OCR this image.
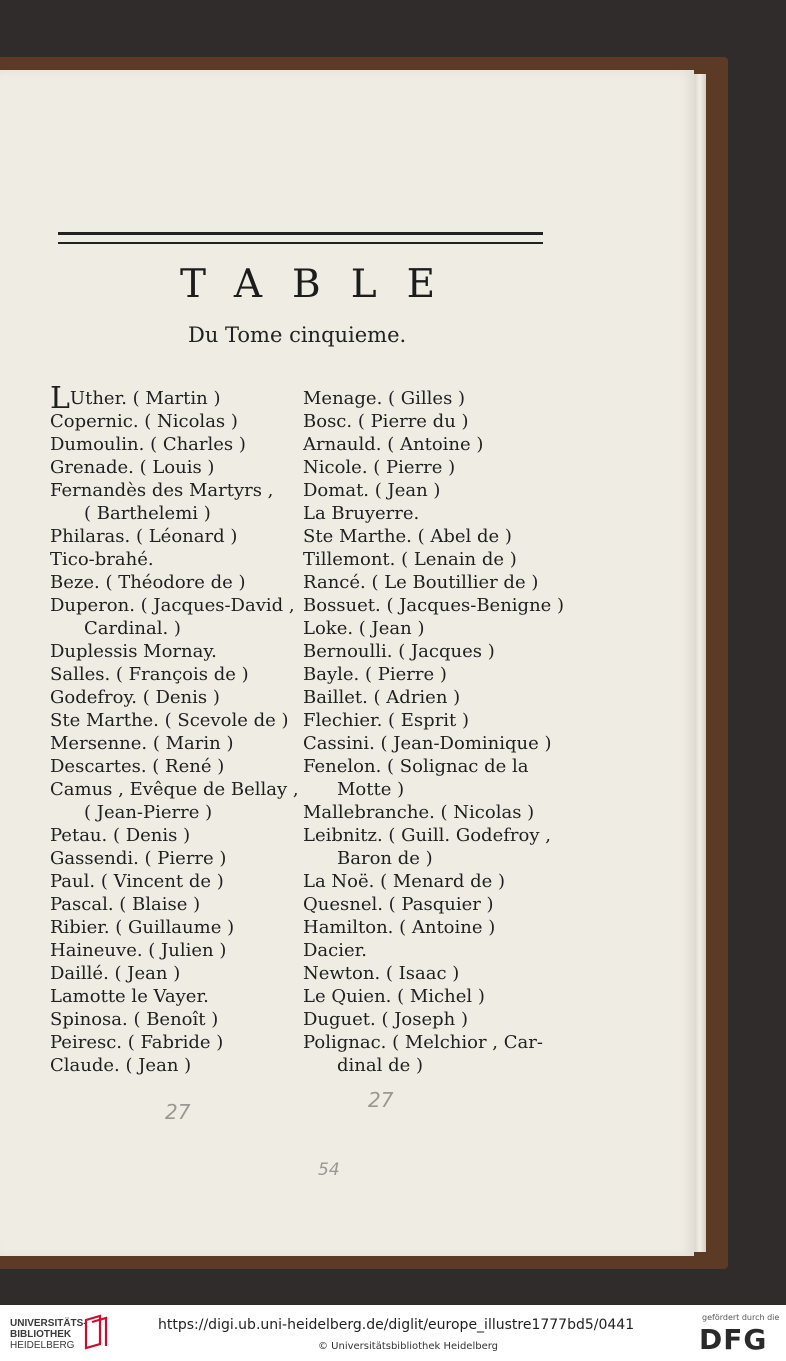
TABLE
Du Tome cinquieme.
LUther. ( Martin )
Copernic. ( Nicolas )
Dumoulin. ( Charles )
Grenade. ( Louis )
Fernandès des Martyrs ,
( Barthelemi )
Philaras. ( Léonard )
Tico-brahé.
Beze. ( Théodore de )
Duperon. ( Jacques-David ,
Cardinal. )
Duplessis Mornay.
Salles. ( François de )
Godefroy. ( Denis )
Ste Marthe. ( Scevole de )
Mersenne. ( Marin )
Descartes. ( René )
Camus , Evêque de Bellay ,
( Jean-Pierre )
Petau. ( Denis )
Gassendi. ( Pierre )
Paul. ( Vincent de )
Pascal. ( Blaise )
Ribier. ( Guillaume )
Haineuve. ( Julien )
Daillé. ( Jean )
Lamotte le Vayer.
Spinosa. ( Benoît )
Peiresc. ( Fabride )
Claude. ( Jean )
Menage. ( Gilles )
Bosc. ( Pierre du )
Arnauld. ( Antoine )
Nicole. ( Pierre )
Domat. ( Jean )
La Bruyerre.
Ste Marthe. ( Abel de )
Tillemont. ( Lenain de )
Rancé. ( Le Boutillier de )
Bossuet. ( Jacques-Benigne )
Loke. ( Jean )
Bernoulli. ( Jacques )
Bayle. ( Pierre )
Baillet. ( Adrien )
Flechier. ( Esprit )
Cassini. ( Jean-Dominique )
Fenelon. ( Solignac de la
Motte )
Mallebranche. ( Nicolas )
Leibnitz. ( Guill. Godefroy ,
Baron de )
La Noë. ( Menard de )
Quesnel. ( Pasquier )
Hamilton. ( Antoine )
Dacier.
Newton. ( Isaac )
Le Quien. ( Michel )
Duguet. ( Joseph )
Polignac. ( Melchior , Car-
dinal de )
27	27
54
UNIVERSITÄTS-
BIBLIOTHEK
HEIDELBERG
https://digi.ub.uni-heidelberg.de/diglit/europe_illustre1777bd5/0441
© Universitätsbibliothek Heidelberg
gefördert durch die
DFG
